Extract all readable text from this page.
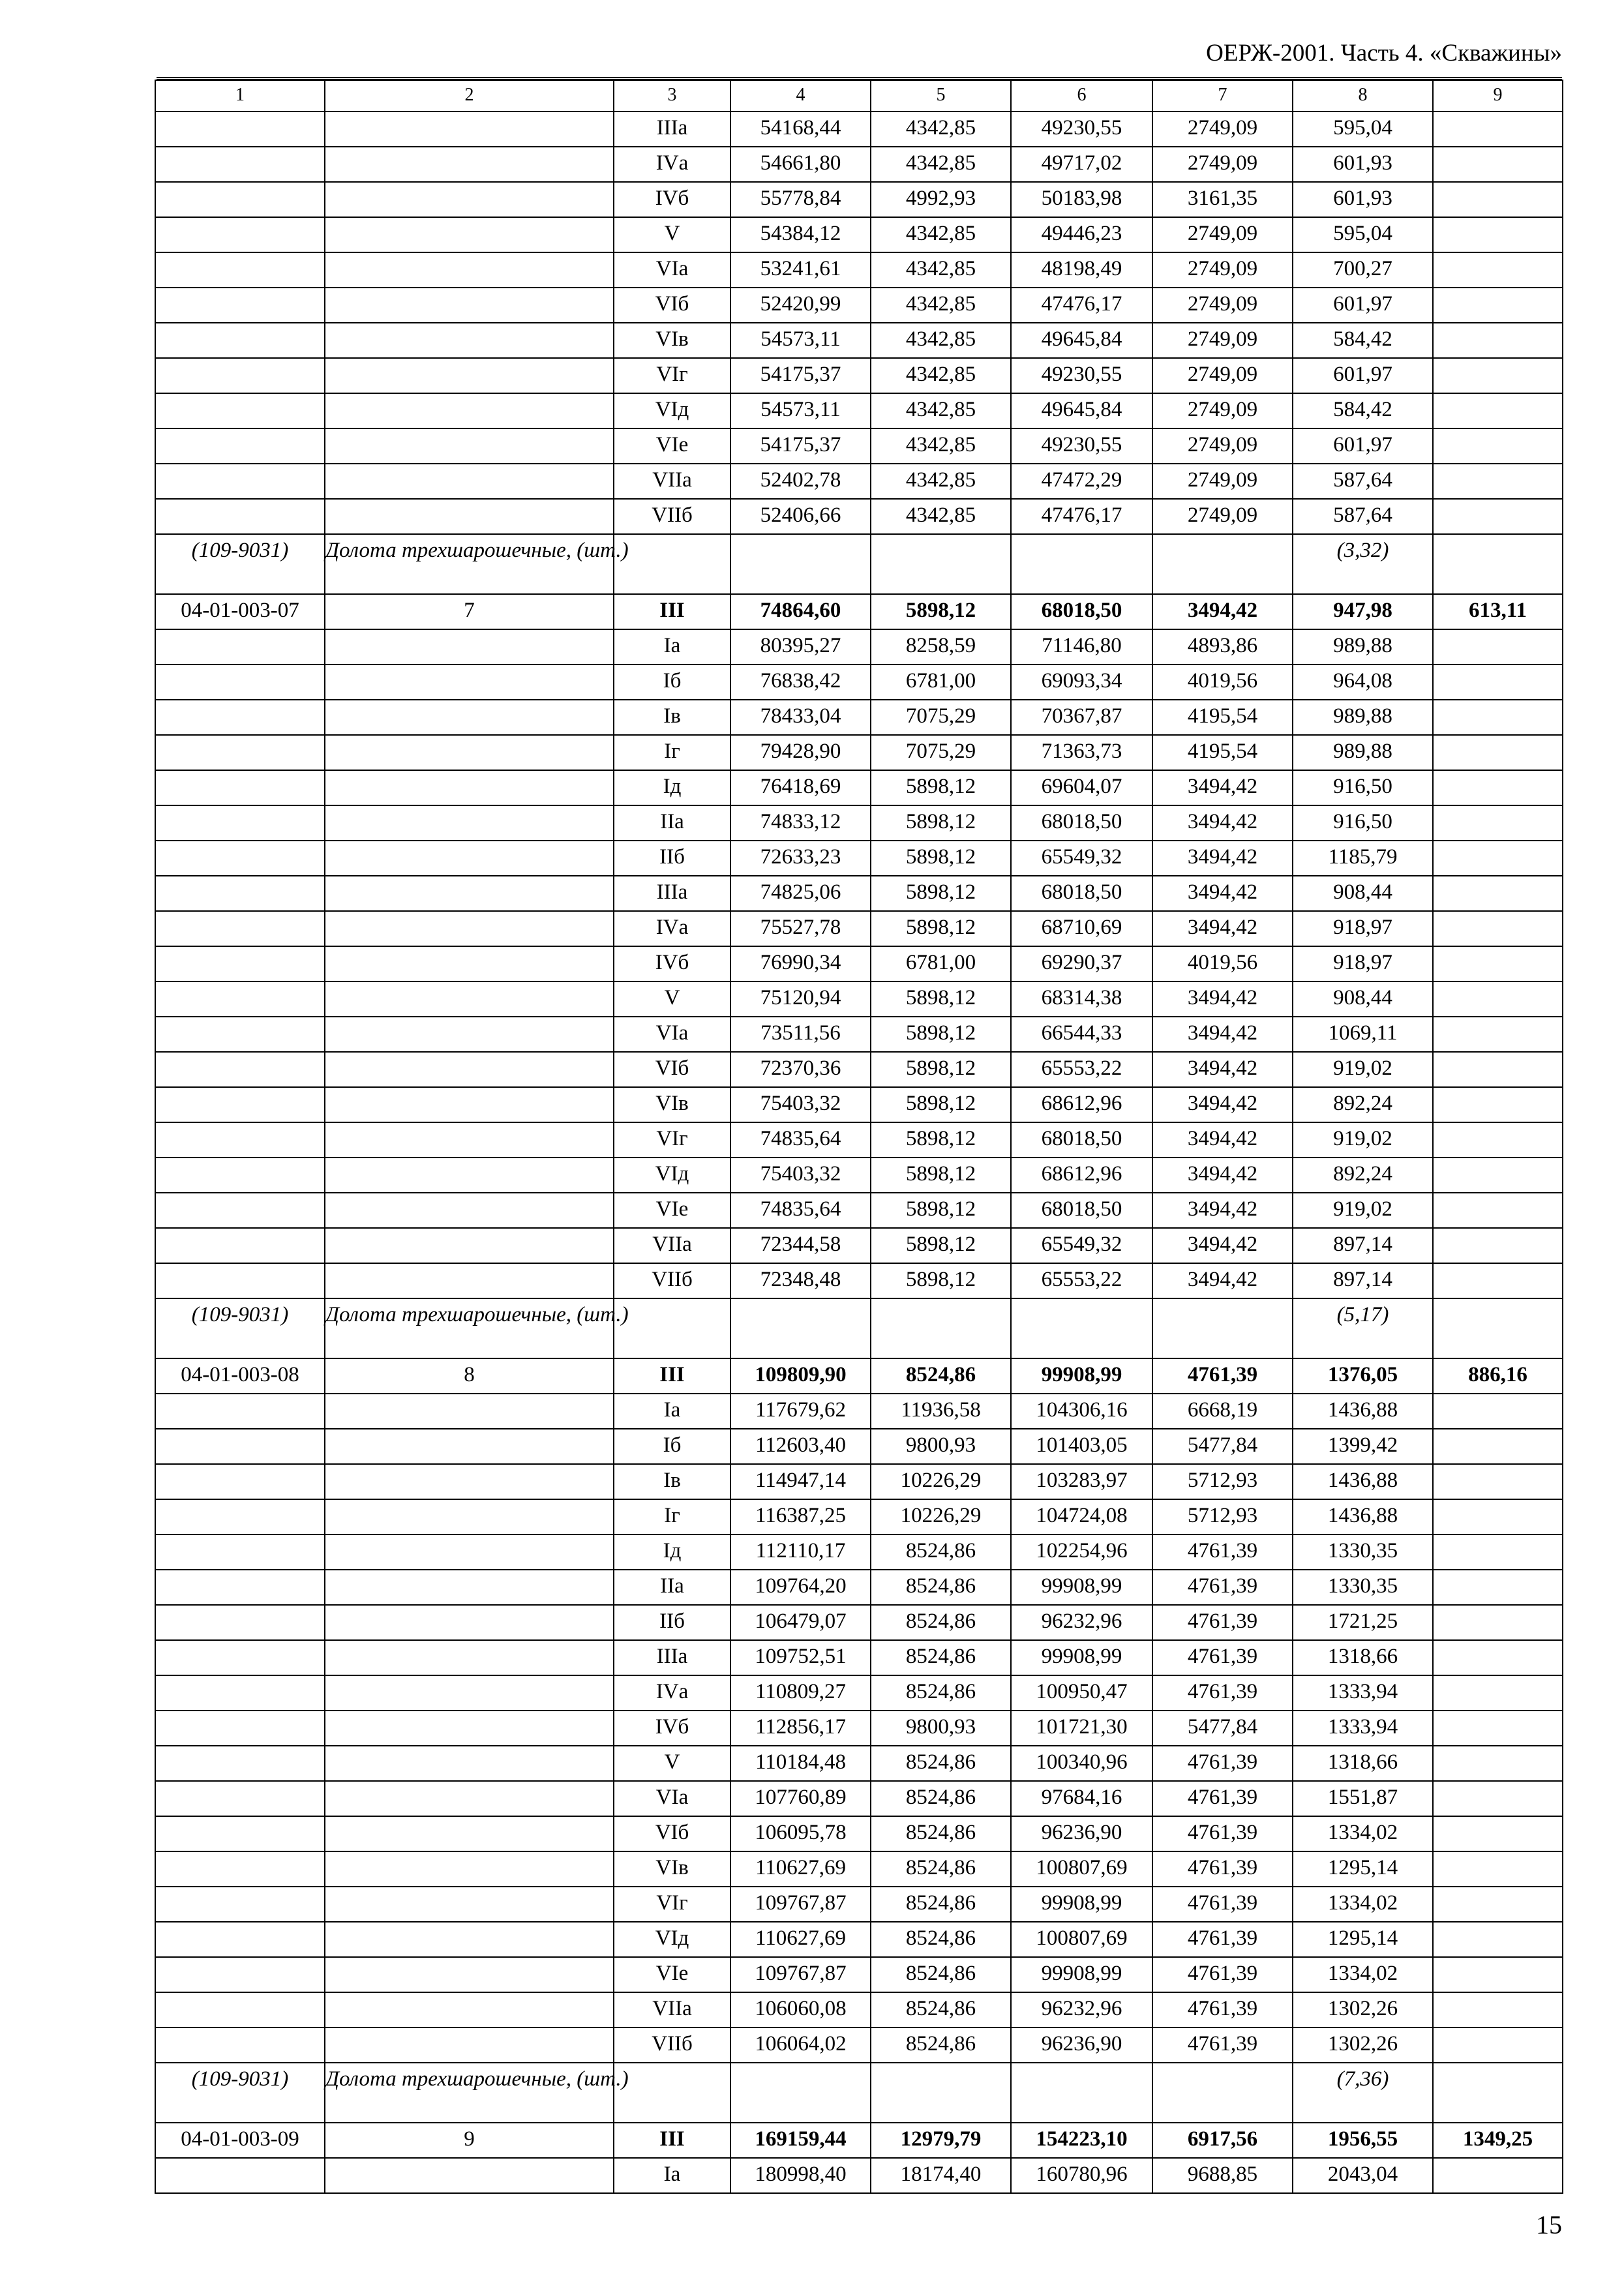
ОЕРЖ-2001. Часть 4. «Скважины»
1	2	3	4	5	6	7	8	9
		IIIа	54168,44	4342,85	49230,55	2749,09	595,04	
		IVа	54661,80	4342,85	49717,02	2749,09	601,93	
		IVб	55778,84	4992,93	50183,98	3161,35	601,93	
		V	54384,12	4342,85	49446,23	2749,09	595,04	
		VIа	53241,61	4342,85	48198,49	2749,09	700,27	
		VIб	52420,99	4342,85	47476,17	2749,09	601,97	
		VIв	54573,11	4342,85	49645,84	2749,09	584,42	
		VIг	54175,37	4342,85	49230,55	2749,09	601,97	
		VIд	54573,11	4342,85	49645,84	2749,09	584,42	
		VIе	54175,37	4342,85	49230,55	2749,09	601,97	
		VIIа	52402,78	4342,85	47472,29	2749,09	587,64	
		VIIб	52406,66	4342,85	47476,17	2749,09	587,64	
(109-9031)	Долота трехшарошечные, (шт.)						(3,32)	
04-01-003-07	7	III	74864,60	5898,12	68018,50	3494,42	947,98	613,11
		Iа	80395,27	8258,59	71146,80	4893,86	989,88	
		Iб	76838,42	6781,00	69093,34	4019,56	964,08	
		Iв	78433,04	7075,29	70367,87	4195,54	989,88	
		Iг	79428,90	7075,29	71363,73	4195,54	989,88	
		Iд	76418,69	5898,12	69604,07	3494,42	916,50	
		IIа	74833,12	5898,12	68018,50	3494,42	916,50	
		IIб	72633,23	5898,12	65549,32	3494,42	1185,79	
		IIIа	74825,06	5898,12	68018,50	3494,42	908,44	
		IVа	75527,78	5898,12	68710,69	3494,42	918,97	
		IVб	76990,34	6781,00	69290,37	4019,56	918,97	
		V	75120,94	5898,12	68314,38	3494,42	908,44	
		VIа	73511,56	5898,12	66544,33	3494,42	1069,11	
		VIб	72370,36	5898,12	65553,22	3494,42	919,02	
		VIв	75403,32	5898,12	68612,96	3494,42	892,24	
		VIг	74835,64	5898,12	68018,50	3494,42	919,02	
		VIд	75403,32	5898,12	68612,96	3494,42	892,24	
		VIе	74835,64	5898,12	68018,50	3494,42	919,02	
		VIIа	72344,58	5898,12	65549,32	3494,42	897,14	
		VIIб	72348,48	5898,12	65553,22	3494,42	897,14	
(109-9031)	Долота трехшарошечные, (шт.)						(5,17)	
04-01-003-08	8	III	109809,90	8524,86	99908,99	4761,39	1376,05	886,16
		Iа	117679,62	11936,58	104306,16	6668,19	1436,88	
		Iб	112603,40	9800,93	101403,05	5477,84	1399,42	
		Iв	114947,14	10226,29	103283,97	5712,93	1436,88	
		Iг	116387,25	10226,29	104724,08	5712,93	1436,88	
		Iд	112110,17	8524,86	102254,96	4761,39	1330,35	
		IIа	109764,20	8524,86	99908,99	4761,39	1330,35	
		IIб	106479,07	8524,86	96232,96	4761,39	1721,25	
		IIIа	109752,51	8524,86	99908,99	4761,39	1318,66	
		IVа	110809,27	8524,86	100950,47	4761,39	1333,94	
		IVб	112856,17	9800,93	101721,30	5477,84	1333,94	
		V	110184,48	8524,86	100340,96	4761,39	1318,66	
		VIа	107760,89	8524,86	97684,16	4761,39	1551,87	
		VIб	106095,78	8524,86	96236,90	4761,39	1334,02	
		VIв	110627,69	8524,86	100807,69	4761,39	1295,14	
		VIг	109767,87	8524,86	99908,99	4761,39	1334,02	
		VIд	110627,69	8524,86	100807,69	4761,39	1295,14	
		VIе	109767,87	8524,86	99908,99	4761,39	1334,02	
		VIIа	106060,08	8524,86	96232,96	4761,39	1302,26	
		VIIб	106064,02	8524,86	96236,90	4761,39	1302,26	
(109-9031)	Долота трехшарошечные, (шт.)						(7,36)	
04-01-003-09	9	III	169159,44	12979,79	154223,10	6917,56	1956,55	1349,25
		Iа	180998,40	18174,40	160780,96	9688,85	2043,04	
15
